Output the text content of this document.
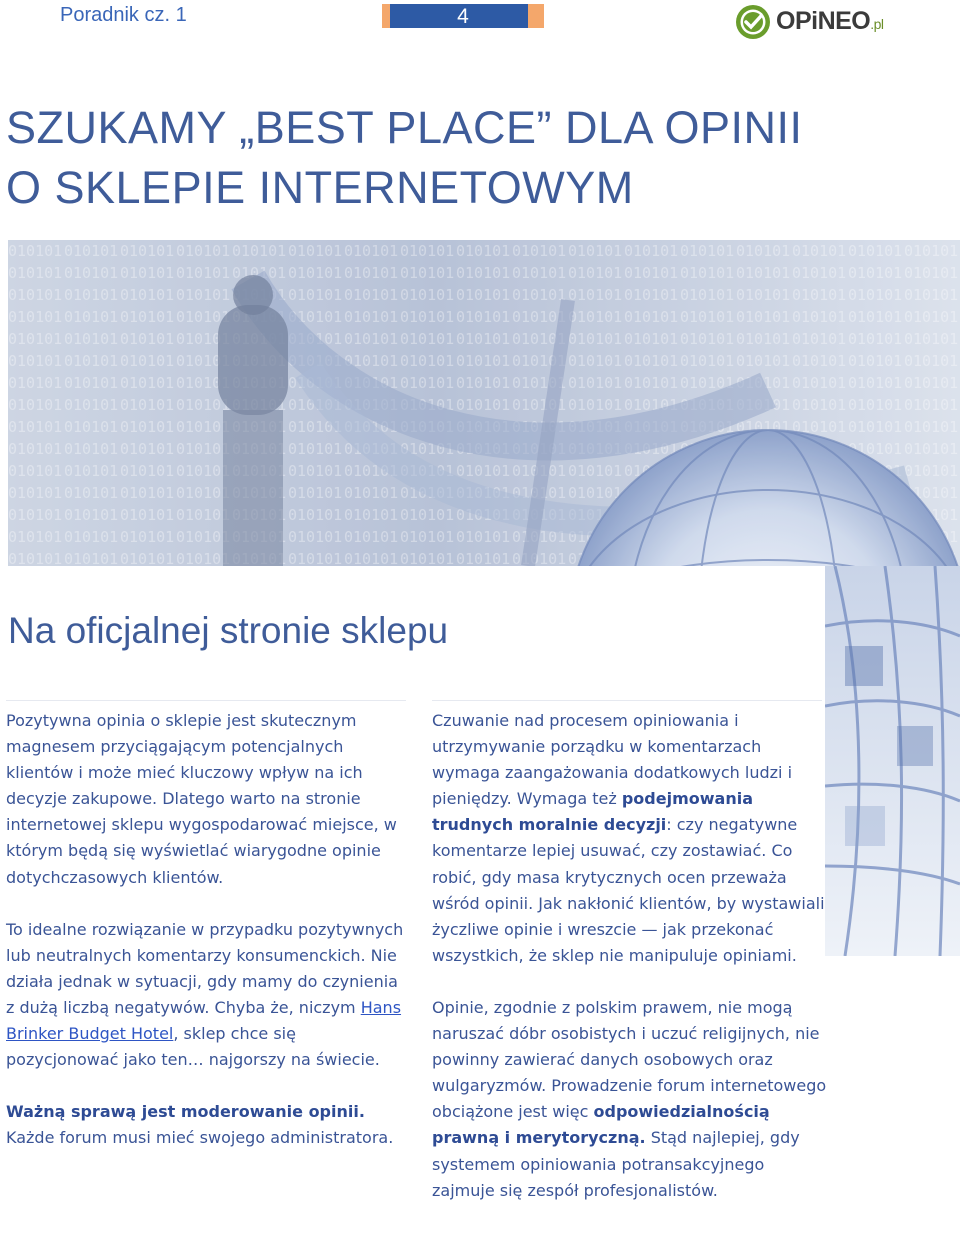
Poradnik cz. 1	4	OPiNEO.pl
SZUKAMY „BEST PLACE” DLA OPINII
O SKLEPIE INTERNETOWYM
Na oficjalnej stronie sklepu

Pozytywna opinia o sklepie jest skutecznym magnesem przyciągającym potencjalnych klientów i może mieć kluczowy wpływ na ich decyzje zakupowe. Dlatego warto na stronie internetowej sklepu wygospodarować miejsce, w którym będą się wyświetlać wiarygodne opinie dotychczasowych klientów.

To idealne rozwiązanie w przypadku pozytywnych lub neutralnych komentarzy konsumenckich. Nie działa jednak w sytuacji, gdy mamy do czynienia z dużą liczbą negatywów. Chyba że, niczym Hans Brinker Budget Hotel, sklep chce się pozycjonować jako ten… najgorszy na świecie.

Ważną sprawą jest moderowanie opinii. Każde forum musi mieć swojego administratora.

Czuwanie nad procesem opiniowania i utrzymywanie porządku w komentarzach wymaga zaangażowania dodatkowych ludzi i pieniędzy. Wymaga też podejmowania trudnych moralnie decyzji: czy negatywne komentarze lepiej usuwać, czy zostawiać. Co robić, gdy masa krytycznych ocen przeważa wśród opinii. Jak nakłonić klientów, by wystawiali życzliwe opinie i wreszcie — jak przekonać wszystkich, że sklep nie manipuluje opiniami.

Opinie, zgodnie z polskim prawem, nie mogą naruszać dóbr osobistych i uczuć religijnych, nie powinny zawierać danych osobowych oraz wulgaryzmów. Prowadzenie forum internetowego obciążone jest więc odpowiedzialnością prawną i merytoryczną. Stąd najlepiej, gdy systemem opiniowania potransakcyjnego zajmuje się zespół profesjonalistów.
